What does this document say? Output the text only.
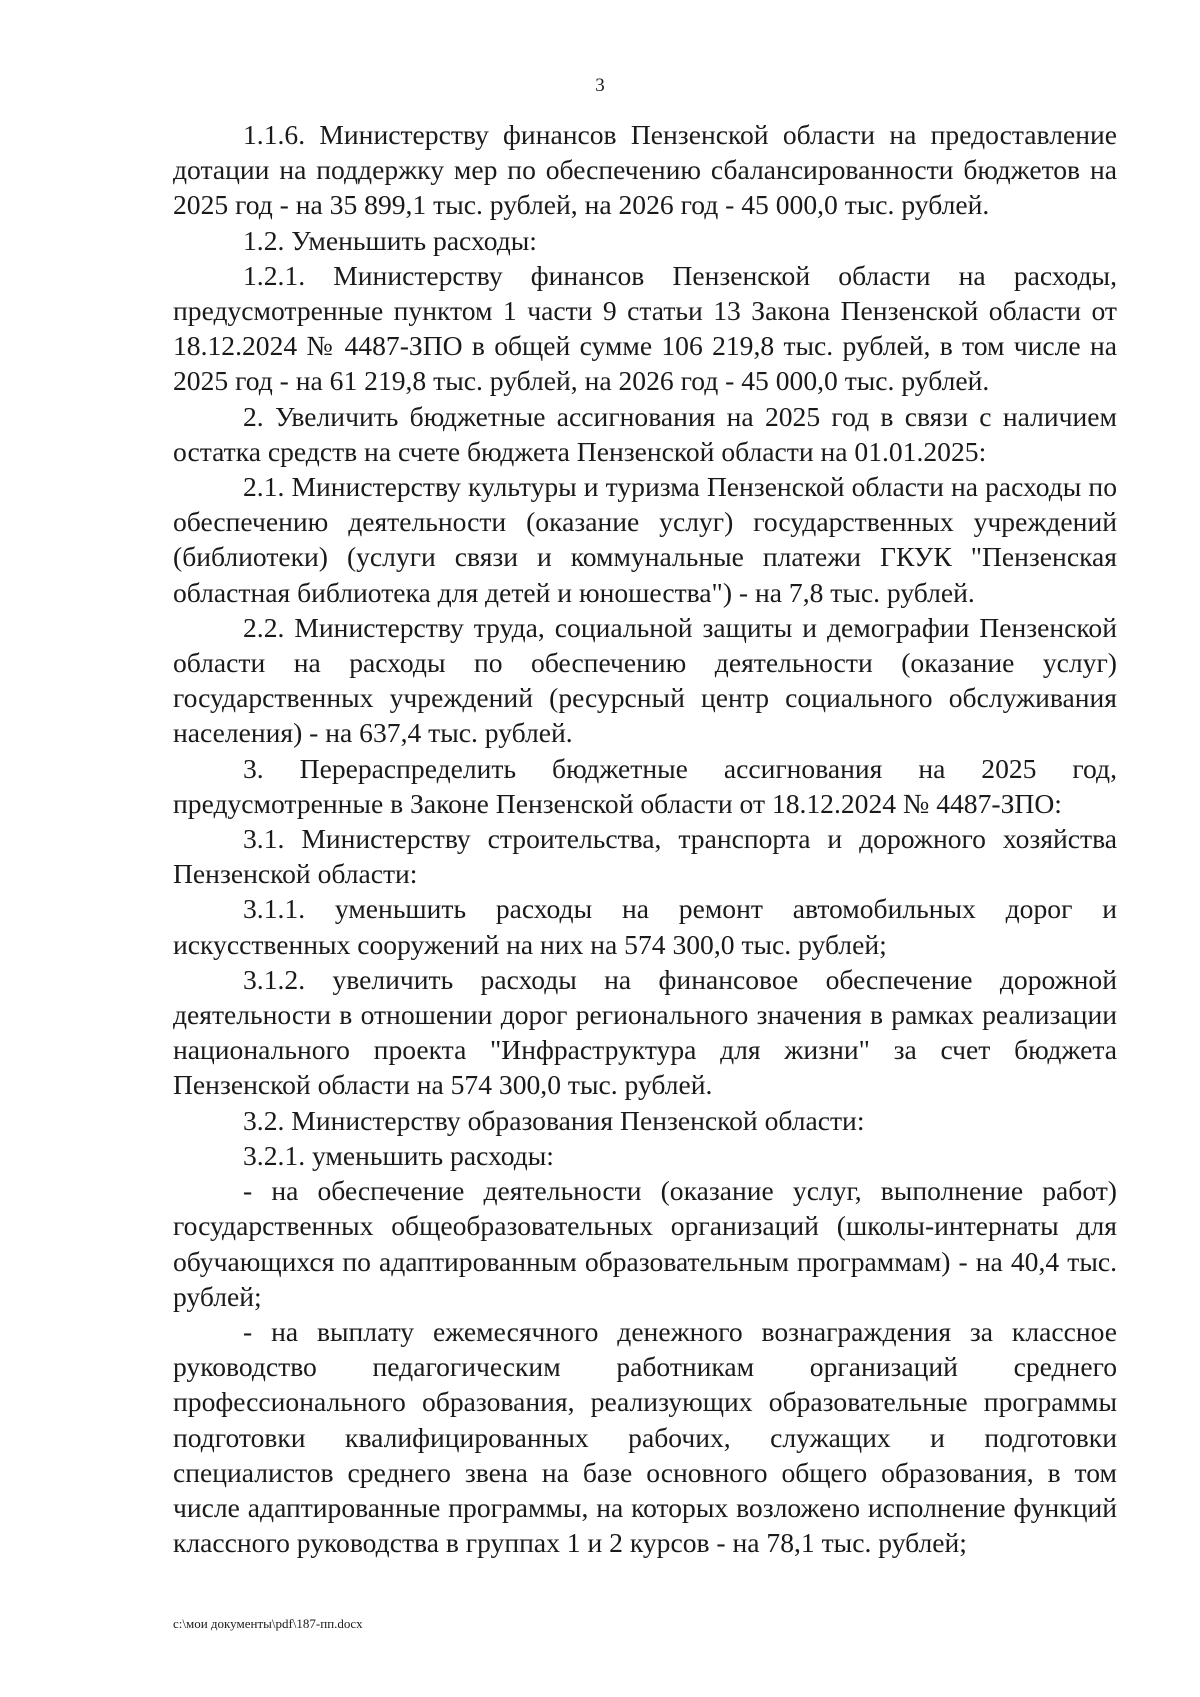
3

1.1.6. Министерству финансов Пензенской области на предоставление дотации на поддержку мер по обеспечению сбалансированности бюджетов на 2025 год - на 35 899,1 тыс. рублей, на 2026 год - 45 000,0 тыс. рублей.

1.2. Уменьшить расходы:

1.2.1. Министерству финансов Пензенской области на расходы, предусмотренные пунктом 1 части 9 статьи 13 Закона Пензенской области от 18.12.2024 № 4487-ЗПО в общей сумме 106 219,8 тыс. рублей, в том числе на 2025 год - на 61 219,8 тыс. рублей, на 2026 год - 45 000,0 тыс. рублей.

2. Увеличить бюджетные ассигнования на 2025 год в связи с наличием остатка средств на счете бюджета Пензенской области на 01.01.2025:

2.1. Министерству культуры и туризма Пензенской области на расходы по обеспечению деятельности (оказание услуг) государственных учреждений (библиотеки) (услуги связи и коммунальные платежи ГКУК "Пензенская областная библиотека для детей и юношества") - на 7,8 тыс. рублей.

2.2. Министерству труда, социальной защиты и демографии Пензенской области на расходы по обеспечению деятельности (оказание услуг) государственных учреждений (ресурсный центр социального обслуживания населения) - на 637,4 тыс. рублей.

3. Перераспределить бюджетные ассигнования на 2025 год, предусмотренные в Законе Пензенской области от 18.12.2024 № 4487-ЗПО:

3.1. Министерству строительства, транспорта и дорожного хозяйства Пензенской области:

3.1.1. уменьшить расходы на ремонт автомобильных дорог и искусственных сооружений на них на 574 300,0 тыс. рублей;

3.1.2. увеличить расходы на финансовое обеспечение дорожной деятельности в отношении дорог регионального значения в рамках реализации национального проекта "Инфраструктура для жизни" за счет бюджета Пензенской области на 574 300,0 тыс. рублей.

3.2. Министерству образования Пензенской области:

3.2.1. уменьшить расходы:

- на обеспечение деятельности (оказание услуг, выполнение работ) государственных общеобразовательных организаций (школы-интернаты для обучающихся по адаптированным образовательным программам) - на 40,4 тыс. рублей;

- на выплату ежемесячного денежного вознаграждения за классное руководство педагогическим работникам организаций среднего профессионального образования, реализующих образовательные программы подготовки квалифицированных рабочих, служащих и подготовки специалистов среднего звена на базе основного общего образования, в том числе адаптированные программы, на которых возложено исполнение функций классного руководства в группах 1 и 2 курсов - на 78,1 тыс. рублей;

c:\мои документы\pdf\187-пп.docx
